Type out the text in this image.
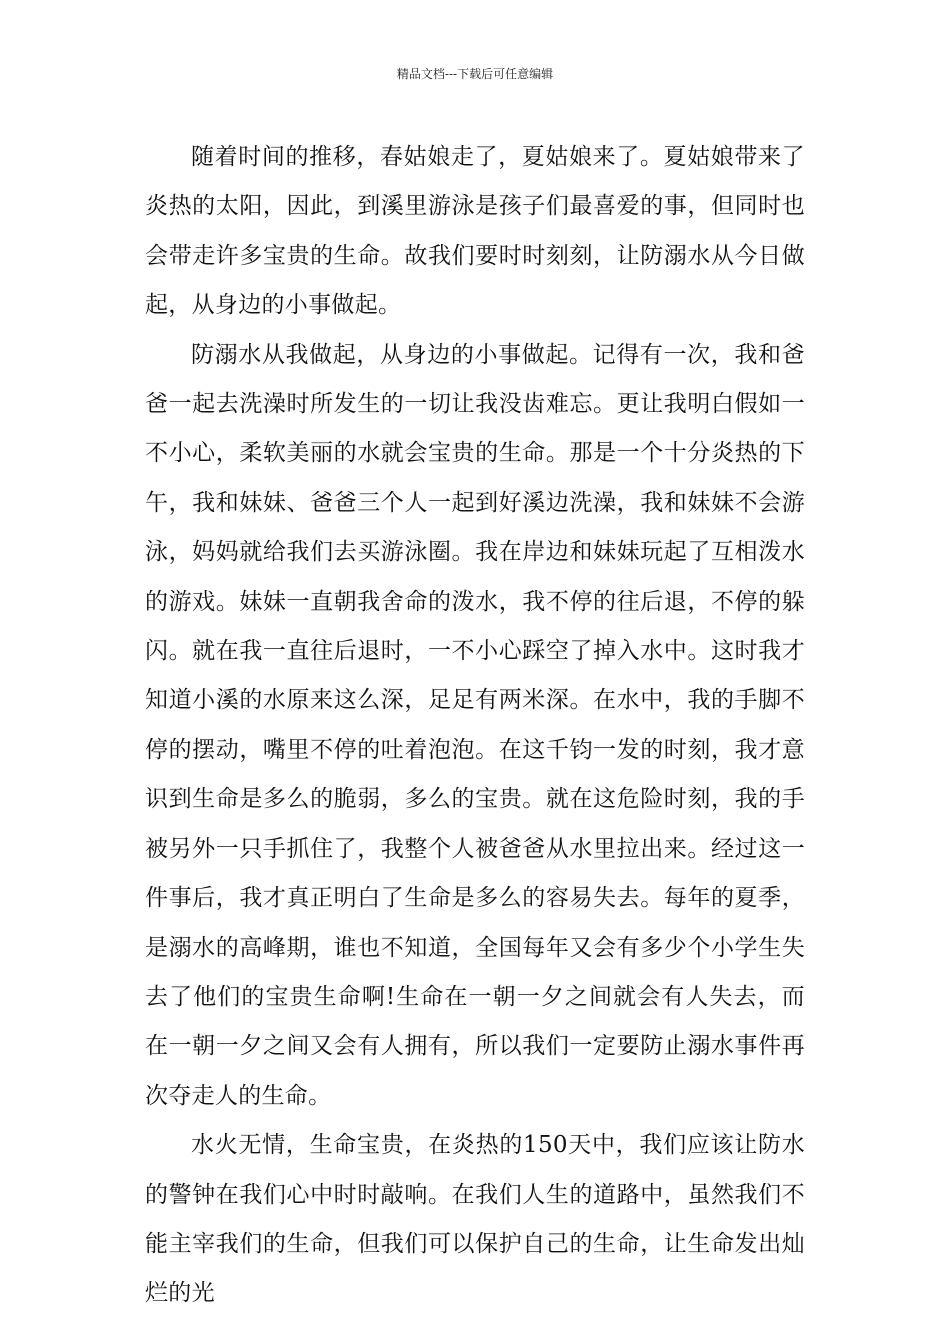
精品文档---下载后可任意编辑

随着时间的推移，春姑娘走了，夏姑娘来了。夏姑娘带来了炎热的太阳，因此，到溪里游泳是孩子们最喜爱的事，但同时也会带走许多宝贵的生命。故我们要时时刻刻，让防溺水从今日做起，从身边的小事做起。

防溺水从我做起，从身边的小事做起。记得有一次，我和爸爸一起去洗澡时所发生的一切让我没齿难忘。更让我明白假如一不小心，柔软美丽的水就会宝贵的生命。那是一个十分炎热的下午，我和妹妹、爸爸三个人一起到好溪边洗澡，我和妹妹不会游泳，妈妈就给我们去买游泳圈。我在岸边和妹妹玩起了互相泼水的游戏。妹妹一直朝我舍命的泼水，我不停的往后退，不停的躲闪。就在我一直往后退时，一不小心踩空了掉入水中。这时我才知道小溪的水原来这么深，足足有两米深。在水中，我的手脚不停的摆动，嘴里不停的吐着泡泡。在这千钧一发的时刻，我才意识到生命是多么的脆弱，多么的宝贵。就在这危险时刻，我的手被另外一只手抓住了，我整个人被爸爸从水里拉出来。经过这一件事后，我才真正明白了生命是多么的容易失去。每年的夏季，是溺水的高峰期，谁也不知道，全国每年又会有多少个小学生失去了他们的宝贵生命啊!生命在一朝一夕之间就会有人失去，而在一朝一夕之间又会有人拥有，所以我们一定要防止溺水事件再次夺走人的生命。

水火无情，生命宝贵，在炎热的150天中，我们应该让防水的警钟在我们心中时时敲响。在我们人生的道路中，虽然我们不能主宰我们的生命，但我们可以保护自己的生命，让生命发出灿烂的光
